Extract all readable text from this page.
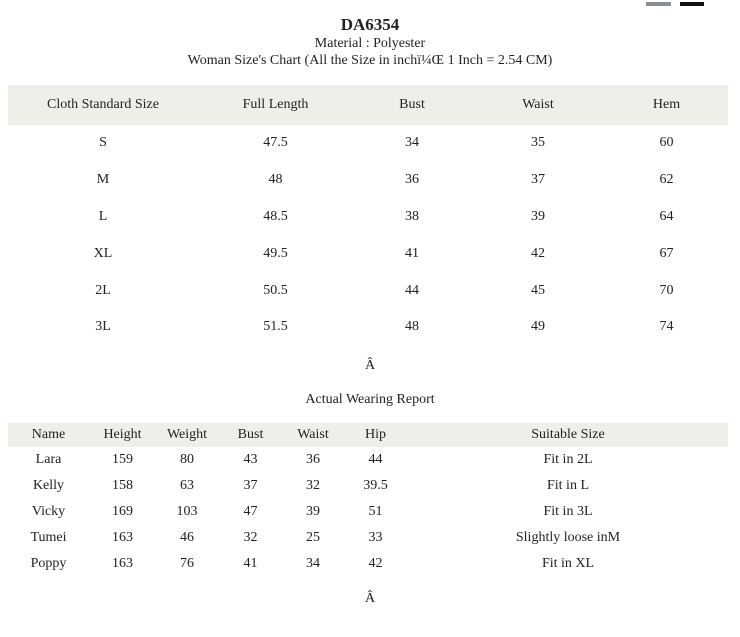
DA6354
Material : Polyester
Woman Size's Chart (All the Size in inchï¼Œ 1 Inch = 2.54 CM)
Cloth Standard Size	Full Length	Bust	Waist	Hem
S	47.5	34	35	60
M	48	36	37	62
L	48.5	38	39	64
XL	49.5	41	42	67
2L	50.5	44	45	70
3L	51.5	48	49	74
Â
Actual Wearing Report
Name	Height	Weight	Bust	Waist	Hip	Suitable Size
Lara	159	80	43	36	44	Fit in 2L
Kelly	158	63	37	32	39.5	Fit in L
Vicky	169	103	47	39	51	Fit in 3L
Tumei	163	46	32	25	33	Slightly loose inM
Poppy	163	76	41	34	42	Fit in XL
Â
